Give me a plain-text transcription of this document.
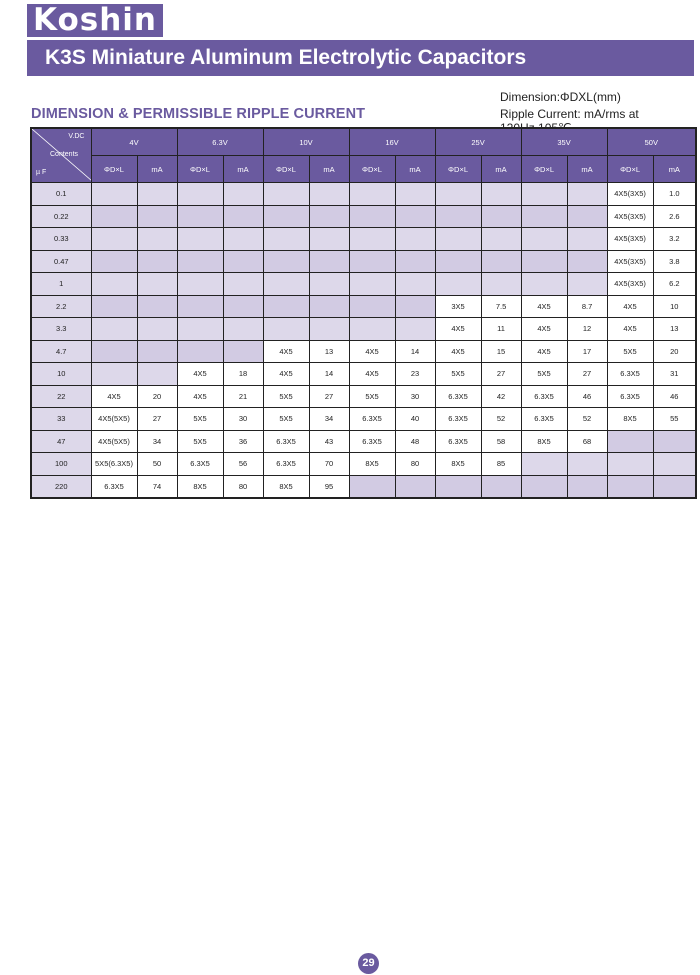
Koshin
K3S Miniature Aluminum Electrolytic Capacitors
DIMENSION & PERMISSIBLE RIPPLE CURRENT
Dimension:ΦDXL(mm)
Ripple Current: mA/rms at
V.DC
Contents
µ F	4V		6.3V		10V		16V		25V		35V		50V	
	ΦD×L	mA	ΦD×L	mA	ΦD×L	mA	ΦD×L	mA	ΦD×L	mA	ΦD×L	mA	ΦD×L	mA
0.1													4X5(3X5)	1.0
0.22													4X5(3X5)	2.6
0.33													4X5(3X5)	3.2
0.47													4X5(3X5)	3.8
1													4X5(3X5)	6.2
2.2									3X5	7.5	4X5	8.7	4X5	10
3.3									4X5	11	4X5	12	4X5	13
4.7					4X5	13	4X5	14	4X5	15	4X5	17	5X5	20
10			4X5	18	4X5	14	4X5	23	5X5	27	5X5	27	6.3X5	31
22	4X5	20	4X5	21	5X5	27	5X5	30	6.3X5	42	6.3X5	46	6.3X5	46
33	4X5(5X5)	27	5X5	30	5X5	34	6.3X5	40	6.3X5	52	6.3X5	52	8X5	55
47	4X5(5X5)	34	5X5	36	6.3X5	43	6.3X5	48	6.3X5	58	8X5	68		
100	5X5(6.3X5)	50	6.3X5	56	6.3X5	70	8X5	80	8X5	85				
220	6.3X5	74	8X5	80	8X5	95								
29
